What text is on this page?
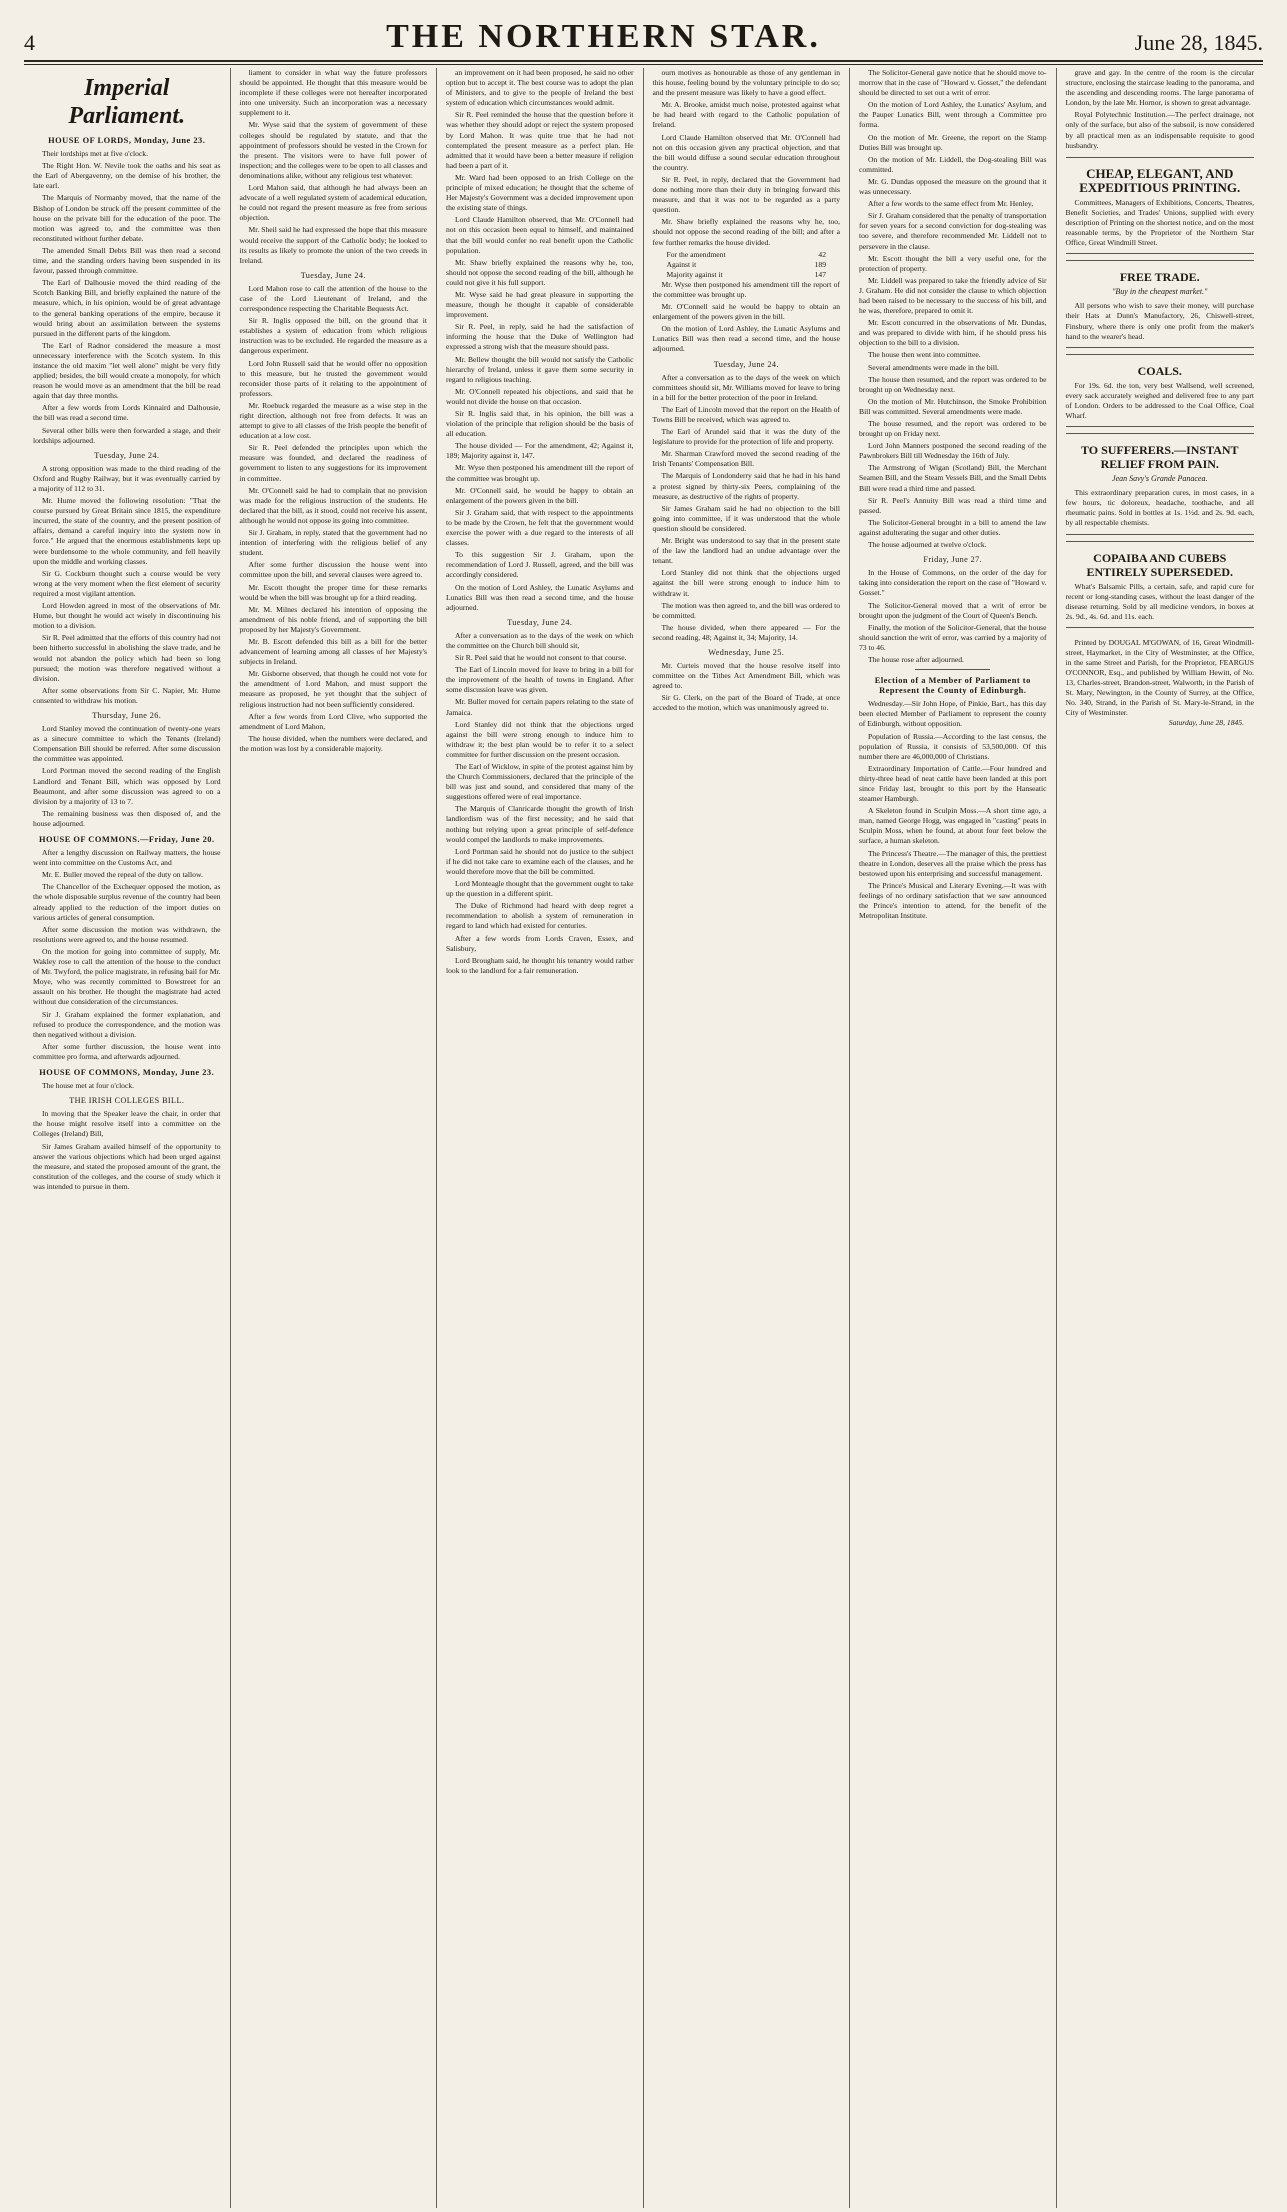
4	THE NORTHERN STAR.	June 28, 1845.
Imperial Parliament.
HOUSE OF LORDS, Monday, June 23.

Their lordships met at five o'clock.

The Right Hon. W. Nevile took the oaths and his seat as the Earl of Abergavenny, on the demise of his brother, the late earl.

The Marquis of Normanby moved, that the name of the Bishop of London be struck off the present committee of the house on the private bill for the education of the poor. The motion was agreed to, and the committee was then reconstituted without further debate.

The amended Small Debts Bill was then read a second time, and the standing orders having been suspended in its favour, passed through committee.

The Earl of Dalhousie moved the third reading of the Scotch Banking Bill, and briefly explained the nature of the measure, which, in his opinion, would be of great advantage to the general banking operations of the empire, because it would bring about an assimilation between the systems pursued in the different parts of the kingdom.

The Earl of Radnor considered the measure a most unnecessary interference with the Scotch system. In this instance the old maxim "let well alone" might be very fitly applied; besides, the bill would create a monopoly, for which reason he would move as an amendment that the bill be read again that day three months.

After a few words from Lords Kinnaird and Dalhousie, the bill was read a second time.

Several other bills were then forwarded a stage, and their lordships adjourned.

Tuesday, June 24.

A strong opposition was made to the third reading of the Oxford and Rugby Railway, but it was eventually carried by a majority of 112 to 31.

Mr. Hume moved the following resolution: "That the course pursued by Great Britain since 1815, the expenditure incurred, the state of the country, and the present position of affairs, demand a careful inquiry into the system now in force." He argued that the enormous establishments kept up were burdensome to the whole community, and fell heavily upon the middle and working classes.

Sir G. Cockburn thought such a course would be very wrong at the very moment when the first element of security required a most vigilant attention.

Lord Howden agreed in most of the observations of Mr. Hume, but thought he would act wisely in discontinuing his motion to a division.

Sir R. Peel admitted that the efforts of this country had not been hitherto successful in abolishing the slave trade, and he would not abandon the policy which had been so long pursued; the motion was therefore negatived without a division.

After some observations from Sir C. Napier, Mr. Hume consented to withdraw his motion.

Thursday, June 26.

Lord Stanley moved the continuation of twenty-one years as a sinecure committee to which the Tenants (Ireland) Compensation Bill should be referred. After some discussion the committee was appointed.

Lord Portman moved the second reading of the English Landlord and Tenant Bill, which was opposed by Lord Beaumont, and after some discussion was agreed to on a division by a majority of 13 to 7.

The remaining business was then disposed of, and the house adjourned.

HOUSE OF COMMONS.—Friday, June 20.

After a lengthy discussion on Railway matters, the house went into committee on the Customs Act, and

Mr. E. Buller moved the repeal of the duty on tallow.

The Chancellor of the Exchequer opposed the motion, as the whole disposable surplus revenue of the country had been already applied to the reduction of the import duties on various articles of general consumption.

After some discussion the motion was withdrawn, the resolutions were agreed to, and the house resumed.

On the motion for going into committee of supply, Mr. Wakley rose to call the attention of the house to the conduct of Mr. Twyford, the police magistrate, in refusing bail for Mr. Moye, who was recently committed to Bowstreet for an assault on his brother. He thought the magistrate had acted without due consideration of the circumstances.

Sir J. Graham explained the former explanation, and refused to produce the correspondence, and the motion was then negatived without a division.

After some further discussion, the house went into committee pro forma, and afterwards adjourned.

HOUSE OF COMMONS, Monday, June 23.

The house met at four o'clock.

THE IRISH COLLEGES BILL.

In moving that the Speaker leave the chair, in order that the house might resolve itself into a committee on the Colleges (Ireland) Bill,

Sir James Graham availed himself of the opportunity to answer the various objections which had been urged against the measure, and stated the proposed amount of the grant, the constitution of the colleges, and the course of study which it was intended to pursue in them.

liament to consider in what way the future professors should be appointed. He thought that this measure would be incomplete if these colleges were not hereafter incorporated into one university. Such an incorporation was a necessary supplement to it.

Mr. Wyse said that the system of government of these colleges should be regulated by statute, and that the appointment of professors should be vested in the Crown for the present. The visitors were to have full power of inspection; and the colleges were to be open to all classes and denominations alike, without any religious test whatever.

Lord Mahon said, that although he had always been an advocate of a well regulated system of academical education, he could not regard the present measure as free from serious objection.

Mr. Sheil said he had expressed the hope that this measure would receive the support of the Catholic body; he looked to its results as likely to promote the union of the two creeds in Ireland.

Tuesday, June 24.

Lord Mahon rose to call the attention of the house to the case of the Lord Lieutenant of Ireland, and the correspondence respecting the Charitable Bequests Act.

Sir R. Inglis opposed the bill, on the ground that it establishes a system of education from which religious instruction was to be excluded. He regarded the measure as a dangerous experiment.

Lord John Russell said that he would offer no opposition to this measure, but he trusted the government would reconsider those parts of it relating to the appointment of professors.

Mr. Roebuck regarded the measure as a wise step in the right direction, although not free from defects. It was an attempt to give to all classes of the Irish people the benefit of education at a low cost.

Sir R. Peel defended the principles upon which the measure was founded, and declared the readiness of government to listen to any suggestions for its improvement in committee.

Mr. O'Connell said he had to complain that no provision was made for the religious instruction of the students. He declared that the bill, as it stood, could not receive his assent, although he would not oppose its going into committee.

Sir J. Graham, in reply, stated that the government had no intention of interfering with the religious belief of any student.

After some further discussion the house went into committee upon the bill, and several clauses were agreed to.

Mr. Escott thought the proper time for these remarks would be when the bill was brought up for a third reading.

Mr. M. Milnes declared his intention of opposing the amendment of his noble friend, and of supporting the bill proposed by her Majesty's Government.

Mr. B. Escott defended this bill as a bill for the better advancement of learning among all classes of her Majesty's subjects in Ireland.

Mr. Gisborne observed, that though he could not vote for the amendment of Lord Mahon, and must support the measure as proposed, he yet thought that the subject of religious instruction had not been sufficiently considered.

After a few words from Lord Clive, who supported the amendment of Lord Mahon,

The house divided, when the numbers were declared, and the motion was lost by a considerable majority.

an improvement on it had been proposed, he said no other option but to accept it. The best course was to adopt the plan of Ministers, and to give to the people of Ireland the best system of education which circumstances would admit.

Sir R. Peel reminded the house that the question before it was whether they should adopt or reject the system proposed by Lord Mahon. It was quite true that he had not contemplated the present measure as a perfect plan. He admitted that it would have been a better measure if religion had been a part of it.

Mr. Ward had been opposed to an Irish College on the principle of mixed education; he thought that the scheme of Her Majesty's Government was a decided improvement upon the existing state of things.

Lord Claude Hamilton observed, that Mr. O'Connell had not on this occasion been equal to himself, and maintained that the bill would confer no real benefit upon the Catholic population.

Mr. Shaw briefly explained the reasons why he, too, should not oppose the second reading of the bill, although he could not give it his full support.

Mr. Wyse said he had great pleasure in supporting the measure, though he thought it capable of considerable improvement.

Sir R. Peel, in reply, said he had the satisfaction of informing the house that the Duke of Wellington had expressed a strong wish that the measure should pass.

Mr. Bellew thought the bill would not satisfy the Catholic hierarchy of Ireland, unless it gave them some security in regard to religious teaching.

Mr. O'Connell repeated his objections, and said that he would not divide the house on that occasion.

Sir R. Inglis said that, in his opinion, the bill was a violation of the principle that religion should be the basis of all education.

The house divided — For the amendment, 42; Against it, 189; Majority against it, 147.

Mr. Wyse then postponed his amendment till the report of the committee was brought up.

Mr. O'Connell said, he would be happy to obtain an enlargement of the powers given in the bill.

Sir J. Graham said, that with respect to the appointments to be made by the Crown, he felt that the government would exercise the power with a due regard to the interests of all classes.

To this suggestion Sir J. Graham, upon the recommendation of Lord J. Russell, agreed, and the bill was accordingly considered.

On the motion of Lord Ashley, the Lunatic Asylums and Lunatics Bill was then read a second time, and the house adjourned.

Tuesday, June 24.

After a conversation as to the days of the week on which the committee on the Church bill should sit,

Sir R. Peel said that he would not consent to that course.

The Earl of Lincoln moved for leave to bring in a bill for the improvement of the health of towns in England. After some discussion leave was given.

Mr. Buller moved for certain papers relating to the state of Jamaica.

Lord Stanley did not think that the objections urged against the bill were strong enough to induce him to withdraw it; the best plan would be to refer it to a select committee for further discussion on the present occasion.

The Earl of Wicklow, in spite of the protest against him by the Church Commissioners, declared that the principle of the bill was just and sound, and considered that many of the suggestions offered were of real importance.

The Marquis of Clanricarde thought the growth of Irish landlordism was of the first necessity; and he said that nothing but relying upon a great principle of self-defence would compel the landlords to make improvements.

Lord Portman said he should not do justice to the subject if he did not take care to examine each of the clauses, and he would therefore move that the bill be committed.

Lord Monteagle thought that the government ought to take up the question in a different spirit.

The Duke of Richmond had heard with deep regret a recommendation to abolish a system of remuneration in regard to land which had existed for centuries.

After a few words from Lords Craven, Essex, and Salisbury,

Lord Brougham said, he thought his tenantry would rather look to the landlord for a fair remuneration.

ourn motives as honourable as those of any gentleman in this house, feeling bound by the voluntary principle to do so; and the present measure was likely to have a good effect.

Mr. A. Brooke, amidst much noise, protested against what he had heard with regard to the Catholic population of Ireland.

Lord Claude Hamilton observed that Mr. O'Connell had not on this occasion given any practical objection, and that the bill would diffuse a sound secular education throughout the country.

Sir R. Peel, in reply, declared that the Government had done nothing more than their duty in bringing forward this measure, and that it was not to be regarded as a party question.

Mr. Shaw briefly explained the reasons why he, too, should not oppose the second reading of the bill; and after a few further remarks the house divided.

For the amendment	42
Against it	189
Majority against it	147

Mr. Wyse then postponed his amendment till the report of the committee was brought up.

Mr. O'Connell said he would be happy to obtain an enlargement of the powers given in the bill.

On the motion of Lord Ashley, the Lunatic Asylums and Lunatics Bill was then read a second time, and the house adjourned.

Tuesday, June 24.

After a conversation as to the days of the week on which committees should sit, Mr. Williams moved for leave to bring in a bill for the better protection of the poor in Ireland.

The Earl of Lincoln moved that the report on the Health of Towns Bill be received, which was agreed to.

The Earl of Arundel said that it was the duty of the legislature to provide for the protection of life and property.

Mr. Sharman Crawford moved the second reading of the Irish Tenants' Compensation Bill.

The Marquis of Londonderry said that he had in his hand a protest signed by thirty-six Peers, complaining of the measure, as destructive of the rights of property.

Sir James Graham said he had no objection to the bill going into committee, if it was understood that the whole question should be considered.

Mr. Bright was understood to say that in the present state of the law the landlord had an undue advantage over the tenant.

Lord Stanley did not think that the objections urged against the bill were strong enough to induce him to withdraw it.

The motion was then agreed to, and the bill was ordered to be committed.

The house divided, when there appeared — For the second reading, 48; Against it, 34; Majority, 14.

Wednesday, June 25.

Mr. Curteis moved that the house resolve itself into committee on the Tithes Act Amendment Bill, which was agreed to.

Sir G. Clerk, on the part of the Board of Trade, at once acceded to the motion, which was unanimously agreed to.

The Solicitor-General gave notice that he should move to-morrow that in the case of "Howard v. Gosset," the defendant should be directed to set out a writ of error.

On the motion of Lord Ashley, the Lunatics' Asylum, and the Pauper Lunatics Bill, went through a Committee pro forma.

On the motion of Mr. Greene, the report on the Stamp Duties Bill was brought up.

On the motion of Mr. Liddell, the Dog-stealing Bill was committed.

Mr. G. Dundas opposed the measure on the ground that it was unnecessary.

After a few words to the same effect from Mr. Henley,

Sir J. Graham considered that the penalty of transportation for seven years for a second conviction for dog-stealing was too severe, and therefore recommended Mr. Liddell not to persevere in the clause.

Mr. Escott thought the bill a very useful one, for the protection of property.

Mr. Liddell was prepared to take the friendly advice of Sir J. Graham. He did not consider the clause to which objection had been raised to be necessary to the success of his bill, and he was, therefore, prepared to omit it.

Mr. Escott concurred in the observations of Mr. Dundas, and was prepared to divide with him, if he should press his objection to the bill to a division.

The house then went into committee.

Several amendments were made in the bill.

The house then resumed, and the report was ordered to be brought up on Wednesday next.

On the motion of Mr. Hutchinson, the Smoke Prohibition Bill was committed. Several amendments were made.

The house resumed, and the report was ordered to be brought up on Friday next.

Lord John Manners postponed the second reading of the Pawnbrokers Bill till Wednesday the 16th of July.

The Armstrong of Wigan (Scotland) Bill, the Merchant Seamen Bill, and the Steam Vessels Bill, and the Small Debts Bill were read a third time and passed.

Sir R. Peel's Annuity Bill was read a third time and passed.

The Solicitor-General brought in a bill to amend the law against adulterating the sugar and other duties.

The house adjourned at twelve o'clock.

Friday, June 27.

In the House of Commons, on the order of the day for taking into consideration the report on the case of "Howard v. Gosset."

The Solicitor-General moved that a writ of error be brought upon the judgment of the Court of Queen's Bench.

Finally, the motion of the Solicitor-General, that the house should sanction the writ of error, was carried by a majority of 73 to 46.

The house rose after adjourned.

Election of a Member of Parliament to Represent the County of Edinburgh.

Wednesday.—Sir John Hope, of Pinkie, Bart., has this day been elected Member of Parliament to represent the county of Edinburgh, without opposition.

Population of Russia.—According to the last census, the population of Russia, it consists of 53,500,000. Of this number there are 46,000,000 of Christians.

Extraordinary Importation of Cattle.—Four hundred and thirty-three head of neat cattle have been landed at this port since Friday last, brought to this port by the Hanseatic steamer Hamburgh.

A Skeleton found in Sculpin Moss.—A short time ago, a man, named George Hogg, was engaged in "casting" peats in Sculpin Moss, when he found, at about four feet below the surface, a human skeleton.

The Princess's Theatre.—The manager of this, the prettiest theatre in London, deserves all the praise which the press has bestowed upon his enterprising and successful management.

The Prince's Musical and Literary Evening.—It was with feelings of no ordinary satisfaction that we saw announced the Prince's intention to attend, for the benefit of the Metropolitan Institute.

grave and gay. In the centre of the room is the circular structure, enclosing the staircase leading to the panorama, and the ascending and descending rooms. The large panorama of London, by the late Mr. Hornor, is shown to great advantage.

Royal Polytechnic Institution.—The perfect drainage, not only of the surface, but also of the subsoil, is now considered by all practical men as an indispensable requisite to good husbandry.

CHEAP, ELEGANT, AND EXPEDITIOUS PRINTING.

Committees, Managers of Exhibitions, Concerts, Theatres, Benefit Societies, and Trades' Unions, supplied with every description of Printing on the shortest notice, and on the most reasonable terms, by the Proprietor of the Northern Star Office, Great Windmill Street.

FREE TRADE.
"Buy in the cheapest market."

All persons who wish to save their money, will purchase their Hats at Dunn's Manufactory, 26, Chiswell-street, Finsbury, where there is only one profit from the maker's hand to the wearer's head.

COALS.

For 19s. 6d. the ton, very best Wallsend, well screened, every sack accurately weighed and delivered free to any part of London. Orders to be addressed to the Coal Office, Coal Wharf.

TO SUFFERERS.—INSTANT RELIEF FROM PAIN.
Jean Savy's Grande Panacea.

This extraordinary preparation cures, in most cases, in a few hours, tic doloreux, headache, toothache, and all rheumatic pains. Sold in bottles at 1s. 1½d. and 2s. 9d. each, by all respectable chemists.

COPAIBA AND CUBEBS ENTIRELY SUPERSEDED.

What's Balsamic Pills, a certain, safe, and rapid cure for recent or long-standing cases, without the least danger of the disease returning. Sold by all medicine vendors, in boxes at 2s. 9d., 4s. 6d. and 11s. each.

Printed by DOUGAL M'GOWAN, of 16, Great Windmill-street, Haymarket, in the City of Westminster, at the Office, in the same Street and Parish, for the Proprietor, FEARGUS O'CONNOR, Esq., and published by William Hewitt, of No. 13, Charles-street, Brandon-street, Walworth, in the Parish of St. Mary, Newington, in the County of Surrey, at the Office, No. 340, Strand, in the Parish of St. Mary-le-Strand, in the City of Westminster.
Saturday, June 28, 1845.
